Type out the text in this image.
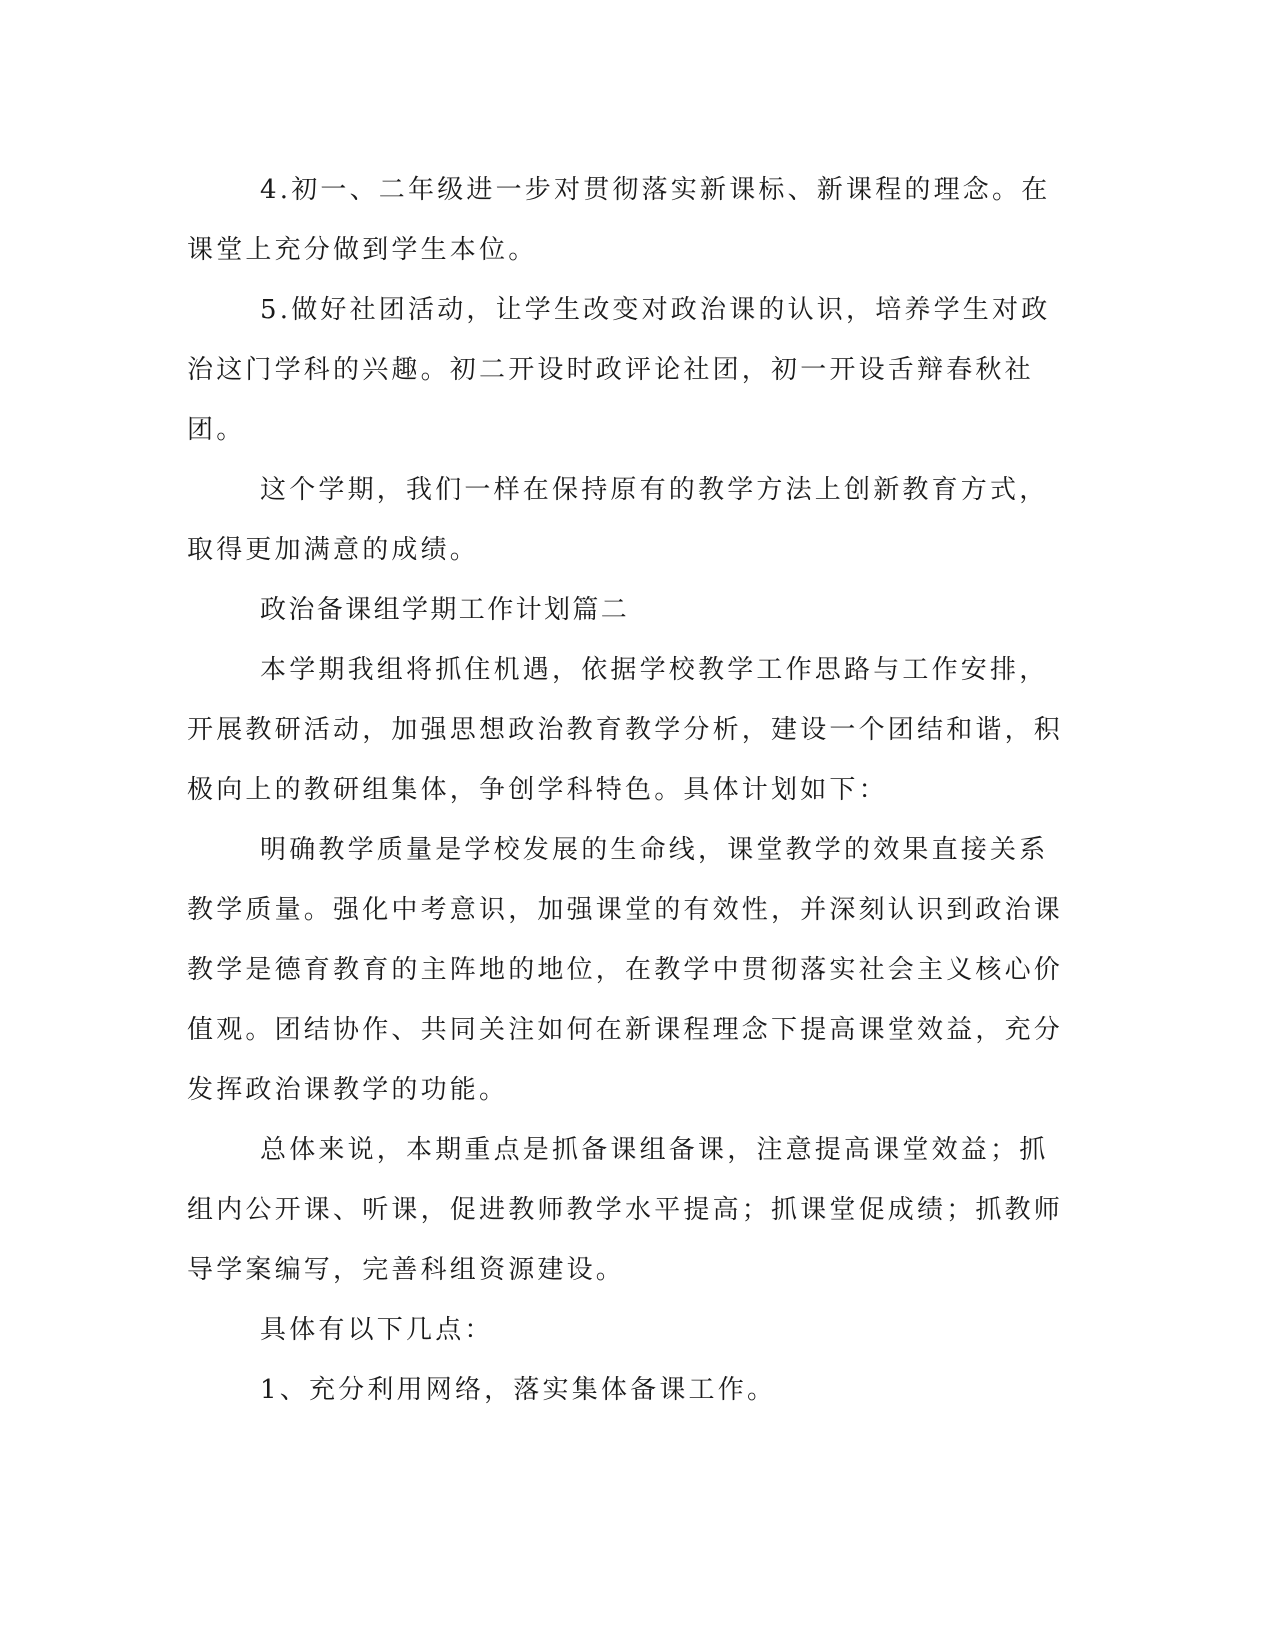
4.初一、二年级进一步对贯彻落实新课标、新课程的理念。在课堂上充分做到学生本位。

5.做好社团活动，让学生改变对政治课的认识，培养学生对政治这门学科的兴趣。初二开设时政评论社团，初一开设舌辩春秋社团。

这个学期，我们一样在保持原有的教学方法上创新教育方式，取得更加满意的成绩。

政治备课组学期工作计划篇二

本学期我组将抓住机遇，依据学校教学工作思路与工作安排，开展教研活动，加强思想政治教育教学分析，建设一个团结和谐，积极向上的教研组集体，争创学科特色。具体计划如下：

明确教学质量是学校发展的生命线，课堂教学的效果直接关系教学质量。强化中考意识，加强课堂的有效性，并深刻认识到政治课教学是德育教育的主阵地的地位，在教学中贯彻落实社会主义核心价值观。团结协作、共同关注如何在新课程理念下提高课堂效益，充分发挥政治课教学的功能。

总体来说，本期重点是抓备课组备课，注意提高课堂效益；抓组内公开课、听课，促进教师教学水平提高；抓课堂促成绩；抓教师导学案编写，完善科组资源建设。

具体有以下几点：

1、充分利用网络，落实集体备课工作。
